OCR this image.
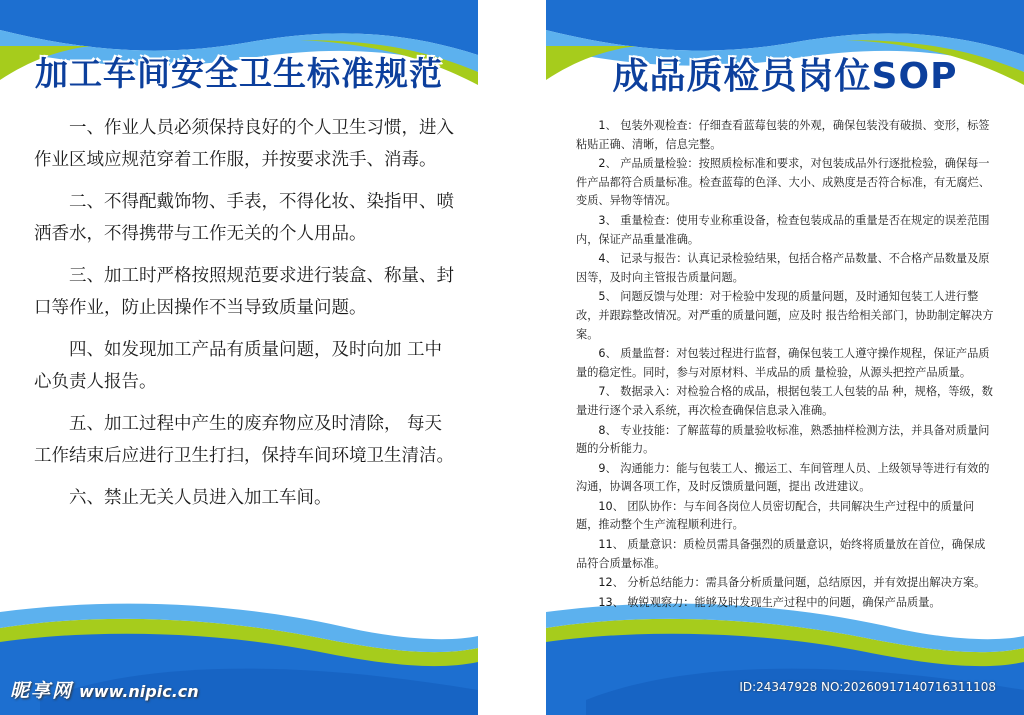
加工车间安全卫生标准规范

一、作业人员必须保持良好的个人卫生习惯，进入作业区域应规范穿着工作服，并按要求洗手、消毒。

二、不得配戴饰物、手表，不得化妆、染指甲、喷洒香水，不得携带与工作无关的个人用品。

三、加工时严格按照规范要求进行装盒、称量、封口等作业，防止因操作不当导致质量问题。

四、如发现加工产品有质量问题，及时向加 工中心负责人报告。

五、加工过程中产生的废弃物应及时清除， 每天工作结束后应进行卫生打扫，保持车间环境卫生清洁。

六、禁止无关人员进入加工车间。

昵享网 www.nipic.cn
成品质检员岗位SOP

1、 包装外观检查：仔细查看蓝莓包装的外观，确保包装没有破损、变形，标签粘贴正确、清晰，信息完整。

2、 产品质量检验：按照质检标准和要求，对包装成品外行逐批检验，确保每一件产品都符合质量标准。检查蓝莓的色泽、大小、成熟度是否符合标准，有无腐烂、变质、异物等情况。

3、 重量检查：使用专业称重设备，检查包装成品的重量是否在规定的误差范围内，保证产品重量准确。

4、 记录与报告：认真记录检验结果，包括合格产品数量、不合格产品数量及原因等，及时向主管报告质量问题。

5、 问题反馈与处理：对于检验中发现的质量问题，及时通知包装工人进行整改，并跟踪整改情况。对严重的质量问题，应及时 报告给相关部门，协助制定解决方案。

6、 质量监督：对包装过程进行监督，确保包装工人遵守操作规程，保证产品质量的稳定性。同时，参与对原材料、半成品的质 量检验，从源头把控产品质量。

7、 数据录入：对检验合格的成品，根据包装工人包装的品 种，规格，等级，数量进行逐个录入系统，再次检查确保信息录入准确。

8、 专业技能：了解蓝莓的质量验收标准，熟悉抽样检测方法，并具备对质量问题的分析能力。

9、 沟通能力：能与包装工人、搬运工、车间管理人员、上级领导等进行有效的沟通，协调各项工作，及时反馈质量问题，提出 改进建议。

10、 团队协作：与车间各岗位人员密切配合，共同解决生产过程中的质量问题，推动整个生产流程顺利进行。

11、 质量意识：质检员需具备强烈的质量意识，始终将质量放在首位，确保成品符合质量标准。

12、 分析总结能力：需具备分析质量问题，总结原因，并有效提出解决方案。

13、 敏锐观察力：能够及时发现生产过程中的问题，确保产品质量。

ID:24347928 NO:20260917140716311108
